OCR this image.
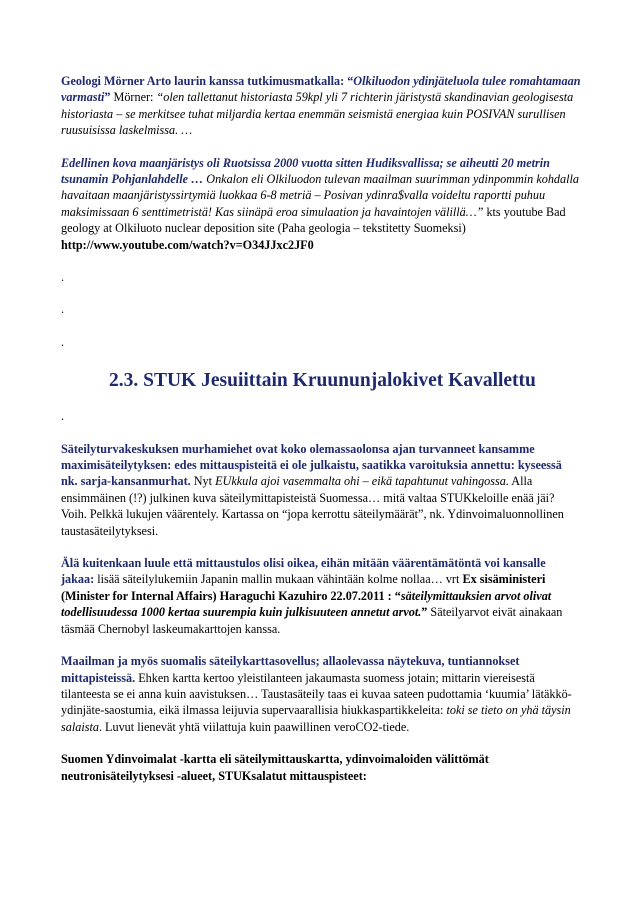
Geologi Mörner Arto laurin kanssa tutkimusmatkalla: “Olkiluodon ydinjäteluola tulee romahtamaan varmasti” Mörner: “olen tallettanut historiasta 59kpl yli 7 richterin järistystä skandinavian geologisesta historiasta – se merkitsee tuhat miljardia kertaa enemmän seismistä energiaa kuin POSIVAN surullisen ruusuisissa laskelmissa. …

Edellinen kova maanjäristys oli Ruotsissa 2000 vuotta sitten Hudiksvallissa; se aiheutti 20 metrin tsunamin Pohjanlahdelle … Onkalon eli Olkiluodon tulevan maailman suurimman ydinpommin kohdalla havaitaan maanjäristyssirtymiä luokkaa 6-8 metriä – Posivan ydinra$valla voideltu raportti puhuu maksimissaan 6 senttimetristä! Kas siinäpä eroa simulaation ja havaintojen välillä…” kts youtube Bad geology at Olkiluoto nuclear deposition site (Paha geologia – tekstitetty Suomeksi) http://www.youtube.com/watch?v=O34JJxc2JF0

.

.

.

2.3. STUK Jesuiittain Kruununjalokivet Kavallettu

.

Säteilyturvakeskuksen murhamiehet ovat koko olemassaolonsa ajan turvanneet kansamme maximisäteilytyksen: edes mittauspisteitä ei ole julkaistu, saatikka varoituksia annettu: kyseessä nk. sarja-kansanmurhat. Nyt EUkkula ajoi vasemmalta ohi – eikä tapahtunut vahingossa. Alla ensimmäinen (!?) julkinen kuva säteilymittapisteistä Suomessa… mitä valtaa STUKkeloille enää jäi? Voih. Pelkkä lukujen väärentely. Kartassa on “jopa kerrottu säteilymäärät”, nk. Ydinvoimaluonnollinen taustasäteilytyksesi.

Älä kuitenkaan luule että mittaustulos olisi oikea, eihän mitään väärentämätöntä voi kansalle jakaa: lisää säteilylukemiin Japanin mallin mukaan vähintään kolme nollaa… vrt Ex sisäministeri (Minister for Internal Affairs) Haraguchi Kazuhiro 22.07.2011 : “säteilymittauksien arvot olivat todellisuudessa 1000 kertaa suurempia kuin julkisuuteen annetut arvot.” Säteilyarvot eivät ainakaan täsmää Chernobyl laskeumakarttojen kanssa.

Maailman ja myös suomalis säteilykarttasovellus; allaolevassa näytekuva, tuntiannokset mittapisteissä. Ehken kartta kertoo yleistilanteen jakaumasta suomess jotain; mittarin viereisestä tilanteesta se ei anna kuin aavistuksen… Taustasäteily taas ei kuvaa sateen pudottamia ‘kuumia’ lätäkkö-ydinjäte-saostumia, eikä ilmassa leijuvia supervaarallisia hiukkaspartikkeleita: toki se tieto on yhä täysin salaista. Luvut lienevät yhtä viilattuja kuin paawillinen veroCO2-tiede.

Suomen Ydinvoimalat -kartta eli säteilymittauskartta, ydinvoimaloiden välittömät neutronisäteilytyksesi -alueet, STUKsalatut mittauspisteet:
